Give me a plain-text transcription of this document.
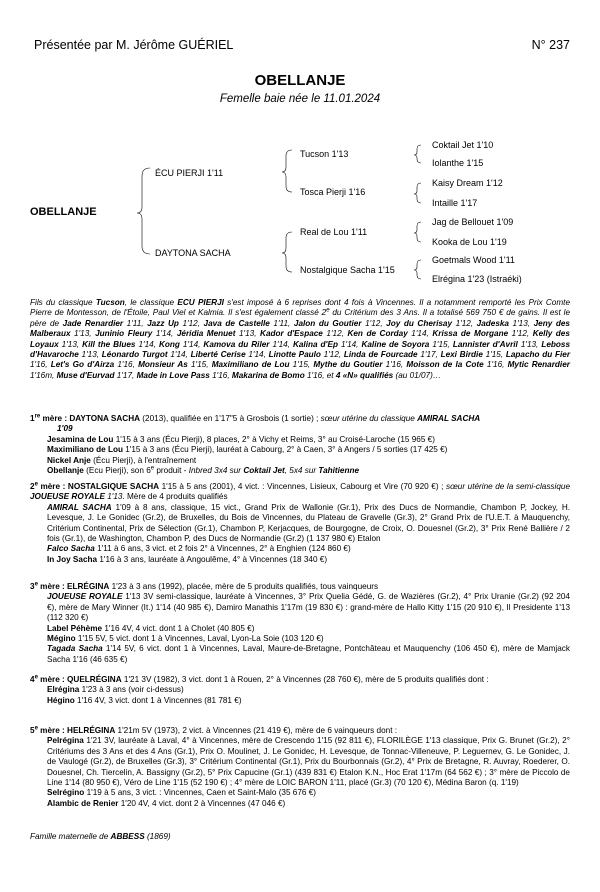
Présentée par M. Jérôme GUÉRIEL	N° 237
OBELLANJE
Femelle baie née le 11.01.2024
OBELLANJE
ÉCU PIERJI 1'11
DAYTONA SACHA
Tucson 1'13
Tosca Pierji 1'16
Real de Lou 1'11
Nostalgique Sacha 1'15
Coktail Jet 1'10
Iolanthe 1'15
Kaisy Dream 1'12
Intaille 1'17
Jag de Bellouet 1'09
Kooka de Lou 1'19
Goetmals Wood 1'11
Elrégina 1'23 (Istraéki)
Fils du classique Tucson, le classique ECU PIERJI s'est imposé à 6 reprises dont 4 fois à Vincennes. Il a notamment remporté les Prix Comte Pierre de Montesson, de l'Étoile, Paul Viel et Kalmia. Il s'est également classé 2e du Critérium des 3 Ans. Il a totalisé 569 750 € de gains. Il est le père de Jade Renardier 1'11, Jazz Up 1'12, Java de Castelle 1'11, Jalon du Goutier 1'12, Joy du Cherisay 1'12, Jadeska 1'13, Jeny des Malberaux 1'13, Juninio Fleury 1'14, Jéridia Menuet 1'13, Kador d'Espace 1'12, Ken de Corday 1'14, Krissa de Morgane 1'12, Kelly des Loyaux 1'13, Kill the Blues 1'14, Kong 1'14, Kamova du Riler 1'14, Kalina d'Ep 1'14, Kaline de Soyora 1'15, Lannister d'Avril 1'13, Leboss d'Havaroche 1'13, Léonardo Turgot 1'14, Liberté Cerise 1'14, Linotte Paulo 1'12, Linda de Fourcade 1'17, Lexi Birdie 1'15, Lapacho du Fier 1'16, Let's Go d'Airza 1'16, Monsieur As 1'15, Maximiliano de Lou 1'15, Mythe du Goutier 1'16, Moisson de la Cote 1'16, Mytic Renardier 1'16m, Muse d'Eurvad 1'17, Made in Love Pass 1'16, Makarina de Bomo 1'16, et 4 «N» qualifiés (au 01/07)…
1re mère : DAYTONA SACHA (2013), qualifiée en 1'17"5 à Grosbois (1 sortie) ; sœur utérine du classique AMIRAL SACHA
1'09
Jesamina de Lou 1'15 à 3 ans (Écu Pierji), 8 places, 2° à Vichy et Reims, 3° au Croisé-Laroche (15 965 €)
Maximiliano de Lou 1'15 à 3 ans (Écu Pierji), lauréat à Cabourg, 2° à Caen, 3° à Angers / 5 sorties (17 425 €)
Nickel Anje (Écu Pierji), à l'entraînement
Obellanje (Ecu Pierji), son 6e produit - Inbred 3x4 sur Coktail Jet, 5x4 sur Tahitienne
2e mère : NOSTALGIQUE SACHA 1'15 à 5 ans (2001), 4 vict. : Vincennes, Lisieux, Cabourg et Vire (70 920 €) ; sœur utérine de la semi-classique JOUEUSE ROYALE 1'13. Mère de 4 produits qualifiés
AMIRAL SACHA 1'09 à 8 ans, classique, 15 vict., Grand Prix de Wallonie (Gr.1), Prix des Ducs de Normandie, Chambon P, Jockey, H. Levesque, J. Le Gonidec (Gr.2), de Bruxelles, du Bois de Vincennes, du Plateau de Gravelle (Gr.3), 2° Grand Prix de l'U.E.T. à Mauquenchy, Critérium Continental, Prix de Sélection (Gr.1), Chambon P, Kerjacques, de Bourgogne, de Croix, O. Douesnel (Gr.2), 3° Prix René Ballière / 2 fois (Gr.1), de Washington, Chambon P, des Ducs de Normandie (Gr.2) (1 137 980 €) Etalon
Falco Sacha 1'11 à 6 ans, 3 vict. et 2 fois 2° à Vincennes, 2° à Enghien (124 860 €)
In Joy Sacha 1'16 à 3 ans, lauréate à Angoulême, 4° à Vincennes (18 340 €)
3e mère : ELRÉGINA 1'23 à 3 ans (1992), placée, mère de 5 produits qualifiés, tous vainqueurs
JOUEUSE ROYALE 1'13 3V semi-classique, lauréate à Vincennes, 3° Prix Quelia Gédé, G. de Wazières (Gr.2), 4° Prix Uranie (Gr.2) (92 204 €), mère de Mary Winner (It.) 1'14 (40 985 €), Damiro Manathis 1'17m (19 830 €) : grand-mère de Hallo Kitty 1'15 (20 910 €), Il Presidente 1'13 (112 320 €)
Label Péhème 1'16 4V, 4 vict. dont 1 à Cholet (40 805 €)
Mégino 1'15 5V, 5 vict. dont 1 à Vincennes, Laval, Lyon-La Soie (103 120 €)
Tagada Sacha 1'14 5V, 6 vict. dont 1 à Vincennes, Laval, Maure-de-Bretagne, Pontchâteau et Mauquenchy (106 450 €), mère de Mamjack Sacha 1'16 (46 635 €)
4e mère : QUELRÉGINA 1'21 3V (1982), 3 vict. dont 1 à Rouen, 2° à Vincennes (28 760 €), mère de 5 produits qualifiés dont :
Elrégina 1'23 à 3 ans (voir ci-dessus)
Hégino 1'16 4V, 3 vict. dont 1 à Vincennes (81 781 €)
5e mère : HELRÉGINA 1'21m 5V (1973), 2 vict. à Vincennes (21 419 €), mère de 6 vainqueurs dont :
Pelrégina 1'21 3V, lauréate à Laval, 4° à Vincennes, mère de Crescendo 1'15 (92 811 €), FLORILÈGE 1'13 classique, Prix G. Brunet (Gr.2), 2° Critériums des 3 Ans et des 4 Ans (Gr.1), Prix O. Moulinet, J. Le Gonidec, H. Levesque, de Tonnac-Villeneuve, P. Leguernev, G. Le Gonidec, J. de Vaulogé (Gr.2), de Bruxelles (Gr.3), 3° Critérium Continental (Gr.1), Prix du Bourbonnais (Gr.2), 4° Prix de Bretagne, R. Auvray, Roederer, O. Douesnel, Ch. Tiercelin, A. Bassigny (Gr.2), 5° Prix Capucine (Gr.1) (439 831 €) Etalon K.N., Hoc Erat 1'17m (64 562 €) ; 3° mère de Piccolo de Line 1'14 (80 950 €), Véro de Line 1'15 (52 190 €) ; 4° mère de LOIC BARON 1'11, placé (Gr.3) (70 120 €), Médina Baron (q. 1'19)
Selrégino 1'19 à 5 ans, 3 vict. : Vincennes, Caen et Saint-Malo (35 676 €)
Alambic de Renier 1'20 4V, 4 vict. dont 2 à Vincennes (47 046 €)
Famille maternelle de ABBESS (1869)
